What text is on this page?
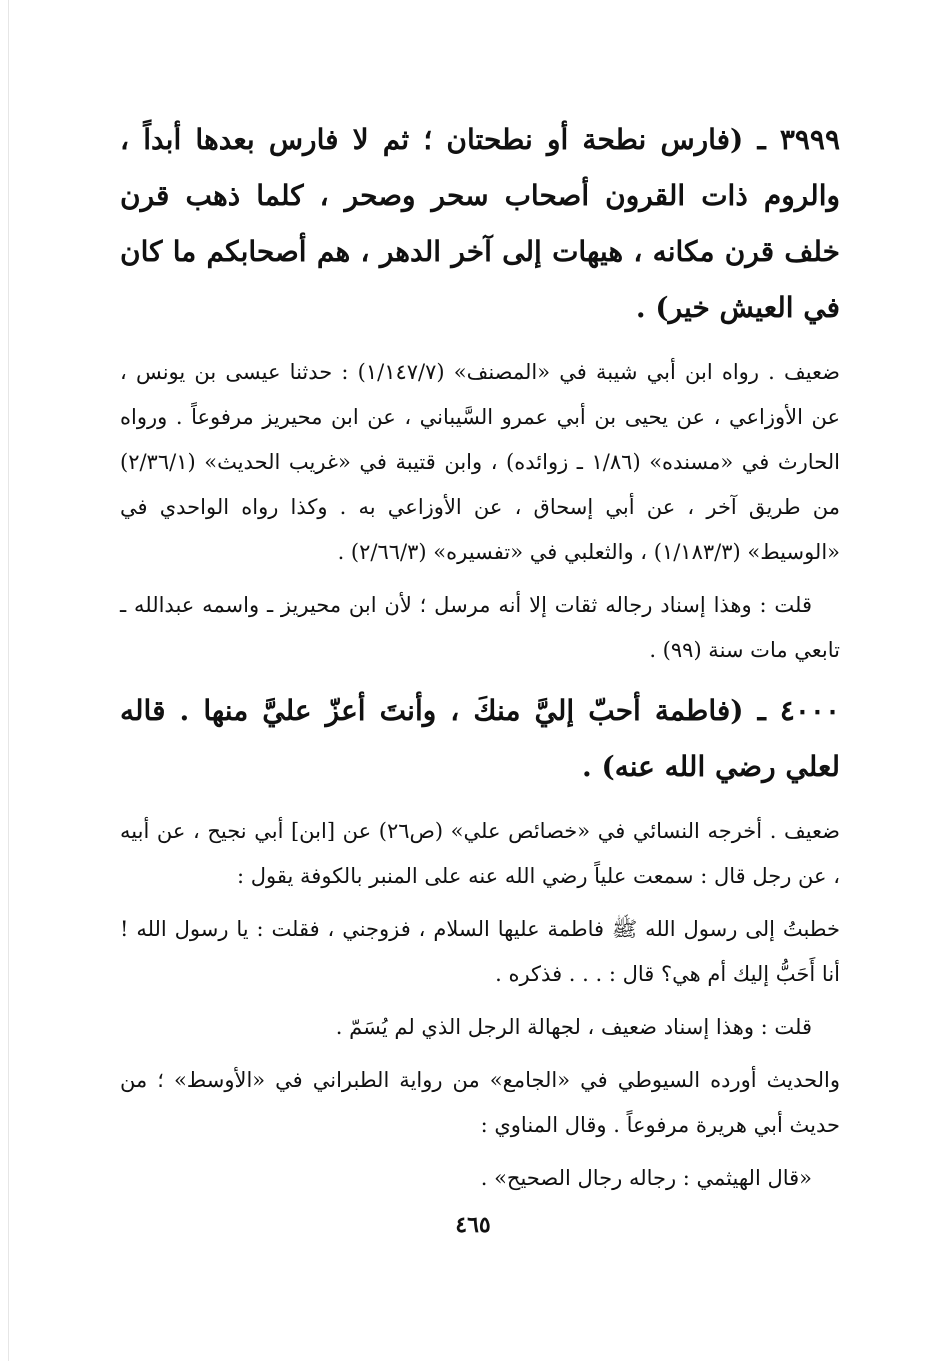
٣٩٩٩ ـ (فارس نطحة أو نطحتان ؛ ثم لا فارس بعدها أبداً ، والروم ذات القرون أصحاب سحر وصحر ، كلما ذهب قرن خلف قرن مكانه ، هيهات إلى آخر الدهر ، هم أصحابكم ما كان في العيش خير) .

ضعيف . رواه ابن أبي شيبة في «المصنف» (١/١٤٧/٧) : حدثنا عيسى بن يونس ، عن الأوزاعي ، عن يحيى بن أبي عمرو السَّيباني ، عن ابن محيريز مرفوعاً . ورواه الحارث في «مسنده» (١/٨٦ ـ زوائده) ، وابن قتيبة في «غريب الحديث» (٢/٣٦/١) من طريق آخر ، عن أبي إسحاق ، عن الأوزاعي به . وكذا رواه الواحدي في «الوسيط» (١/١٨٣/٣) ، والثعلبي في «تفسيره» (٢/٦٦/٣) .

قلت : وهذا إسناد رجاله ثقات إلا أنه مرسل ؛ لأن ابن محيريز ـ واسمه عبدالله ـ تابعي مات سنة (٩٩) .

٤٠٠٠ ـ (فاطمة أحبّ إليَّ منكَ ، وأنتَ أعزّ عليَّ منها . قاله لعلي رضي الله عنه) .

ضعيف . أخرجه النسائي في «خصائص علي» (ص٢٦) عن [ابن] أبي نجيح ، عن أبيه ، عن رجل قال : سمعت علياً رضي الله عنه على المنبر بالكوفة يقول :

خطبتُ إلى رسول الله ﷺ فاطمة عليها السلام ، فزوجني ، فقلت : يا رسول الله ! أنا أَحَبُّ إليك أم هي؟ قال : . . . فذكره .

قلت : وهذا إسناد ضعيف ، لجهالة الرجل الذي لم يُسَمّ .

والحديث أورده السيوطي في «الجامع» من رواية الطبراني في «الأوسط» ؛ من حديث أبي هريرة مرفوعاً . وقال المناوي :

«قال الهيثمي : رجاله رجال الصحيح» .

٤٦٥
